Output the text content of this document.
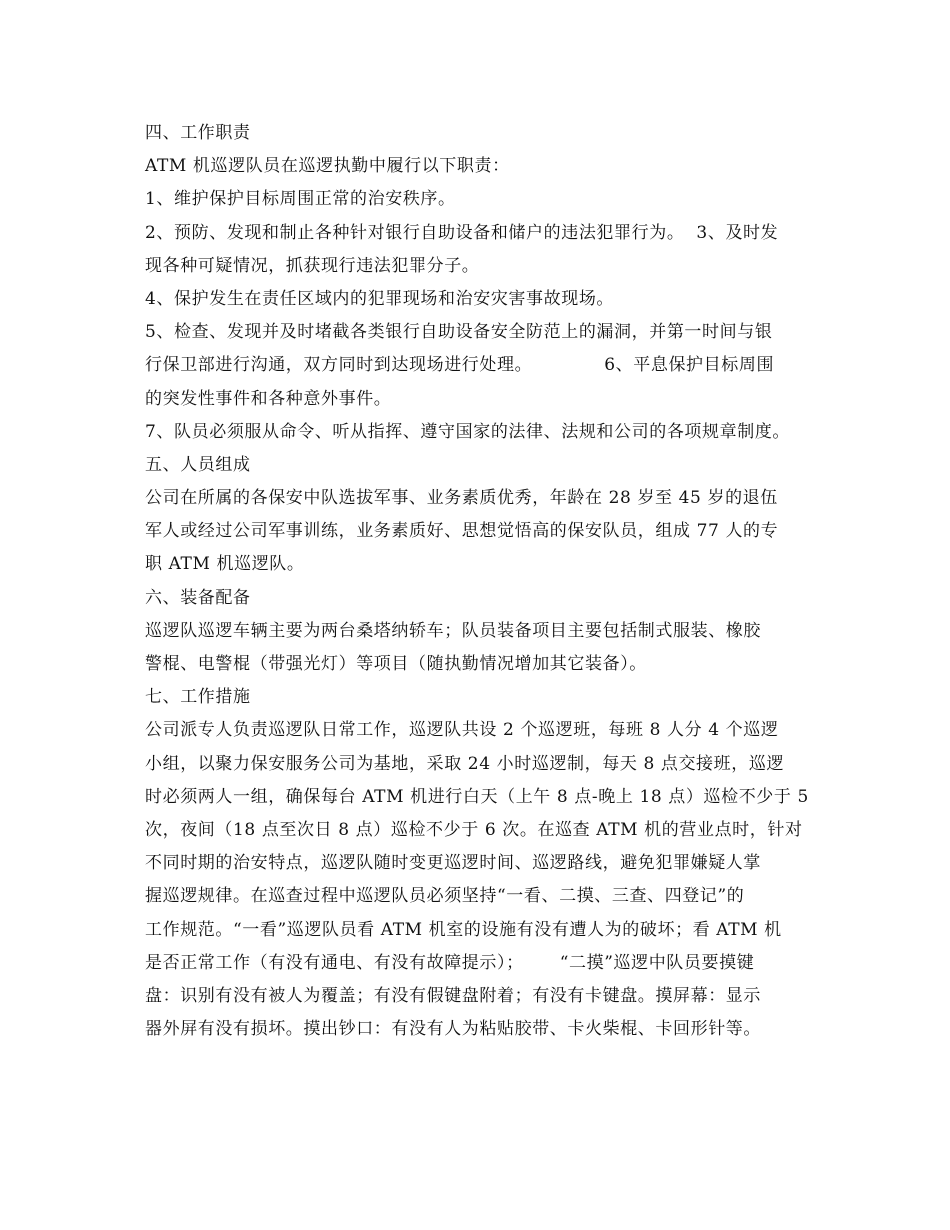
四、工作职责
ATM 机巡逻队员在巡逻执勤中履行以下职责：
1、维护保护目标周围正常的治安秩序。
2、预防、发现和制止各种针对银行自助设备和储户的违法犯罪行为。  3、及时发
现各种可疑情况，抓获现行违法犯罪分子。
4、保护发生在责任区域内的犯罪现场和治安灾害事故现场。
5、检查、发现并及时堵截各类银行自助设备安全防范上的漏洞，并第一时间与银
行保卫部进行沟通，双方同时到达现场进行处理。            6、平息保护目标周围
的突发性事件和各种意外事件。
7、队员必须服从命令、听从指挥、遵守国家的法律、法规和公司的各项规章制度。
五、人员组成
公司在所属的各保安中队选拔军事、业务素质优秀，年龄在 28 岁至 45 岁的退伍
军人或经过公司军事训练，业务素质好、思想觉悟高的保安队员，组成 77 人的专
职 ATM 机巡逻队。
六、装备配备
巡逻队巡逻车辆主要为两台桑塔纳轿车；队员装备项目主要包括制式服装、橡胶
警棍、电警棍（带强光灯）等项目（随执勤情况增加其它装备）。
七、工作措施
公司派专人负责巡逻队日常工作，巡逻队共设 2 个巡逻班，每班 8 人分 4 个巡逻
小组，以聚力保安服务公司为基地，采取 24 小时巡逻制，每天 8 点交接班，巡逻
时必须两人一组，确保每台 ATM 机进行白天（上午 8 点-晚上 18 点）巡检不少于 5
次，夜间（18 点至次日 8 点）巡检不少于 6 次。在巡查 ATM 机的营业点时，针对
不同时期的治安特点，巡逻队随时变更巡逻时间、巡逻路线，避免犯罪嫌疑人掌
握巡逻规律。在巡查过程中巡逻队员必须坚持“一看、二摸、三查、四登记”的
工作规范。“一看”巡逻队员看 ATM 机室的设施有没有遭人为的破坏；看 ATM 机
是否正常工作（有没有通电、有没有故障提示）；      “二摸”巡逻中队员要摸键
盘：识别有没有被人为覆盖；有没有假键盘附着；有没有卡键盘。摸屏幕：显示
器外屏有没有损坏。摸出钞口：有没有人为粘贴胶带、卡火柴棍、卡回形针等。
